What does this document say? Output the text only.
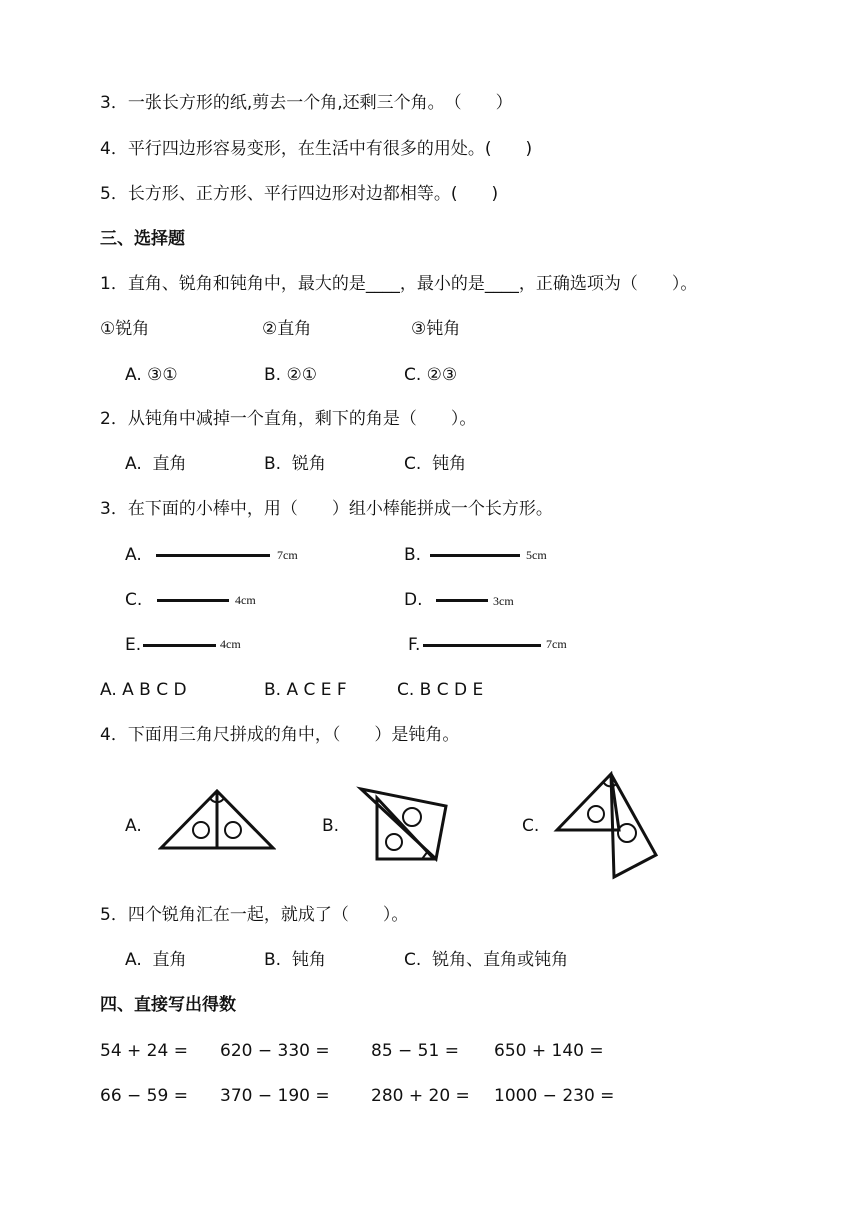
3．一张长方形的纸,剪去一个角,还剩三个角。　（　　）
4．平行四边形容易变形，在生活中有很多的用处。(　　)
5．长方形、正方形、平行四边形对边都相等。(　　)
三、选择题
1．直角、锐角和钝角中，最大的是____，最小的是____，正确选项为（　　）。
①锐角	②直角	③钝角
A. ③①	B. ②①	C. ②③
2．从钝角中减掉一个直角，剩下的角是（　　）。
A.  直角	B.  锐角	C.  钝角
3．在下面的小棒中，用（　　）组小棒能拼成一个长方形。
A.	7cm	B.	5cm
C.	4cm	D.	3cm
E.	4cm	F.	7cm
A. A B C D	B. A C E F	C. B C D E
4．下面用三角尺拼成的角中，（　　）是钝角。
A.	B.	C.
5．四个锐角汇在一起，就成了（　　）。
A.  直角	B.  钝角	C.  锐角、直角或钝角
四、直接写出得数
54 + 24 = 620 − 330 = 85 − 51 = 650 + 140 =
66 − 59 = 370 − 190 = 280 + 20 = 1000 − 230 =
